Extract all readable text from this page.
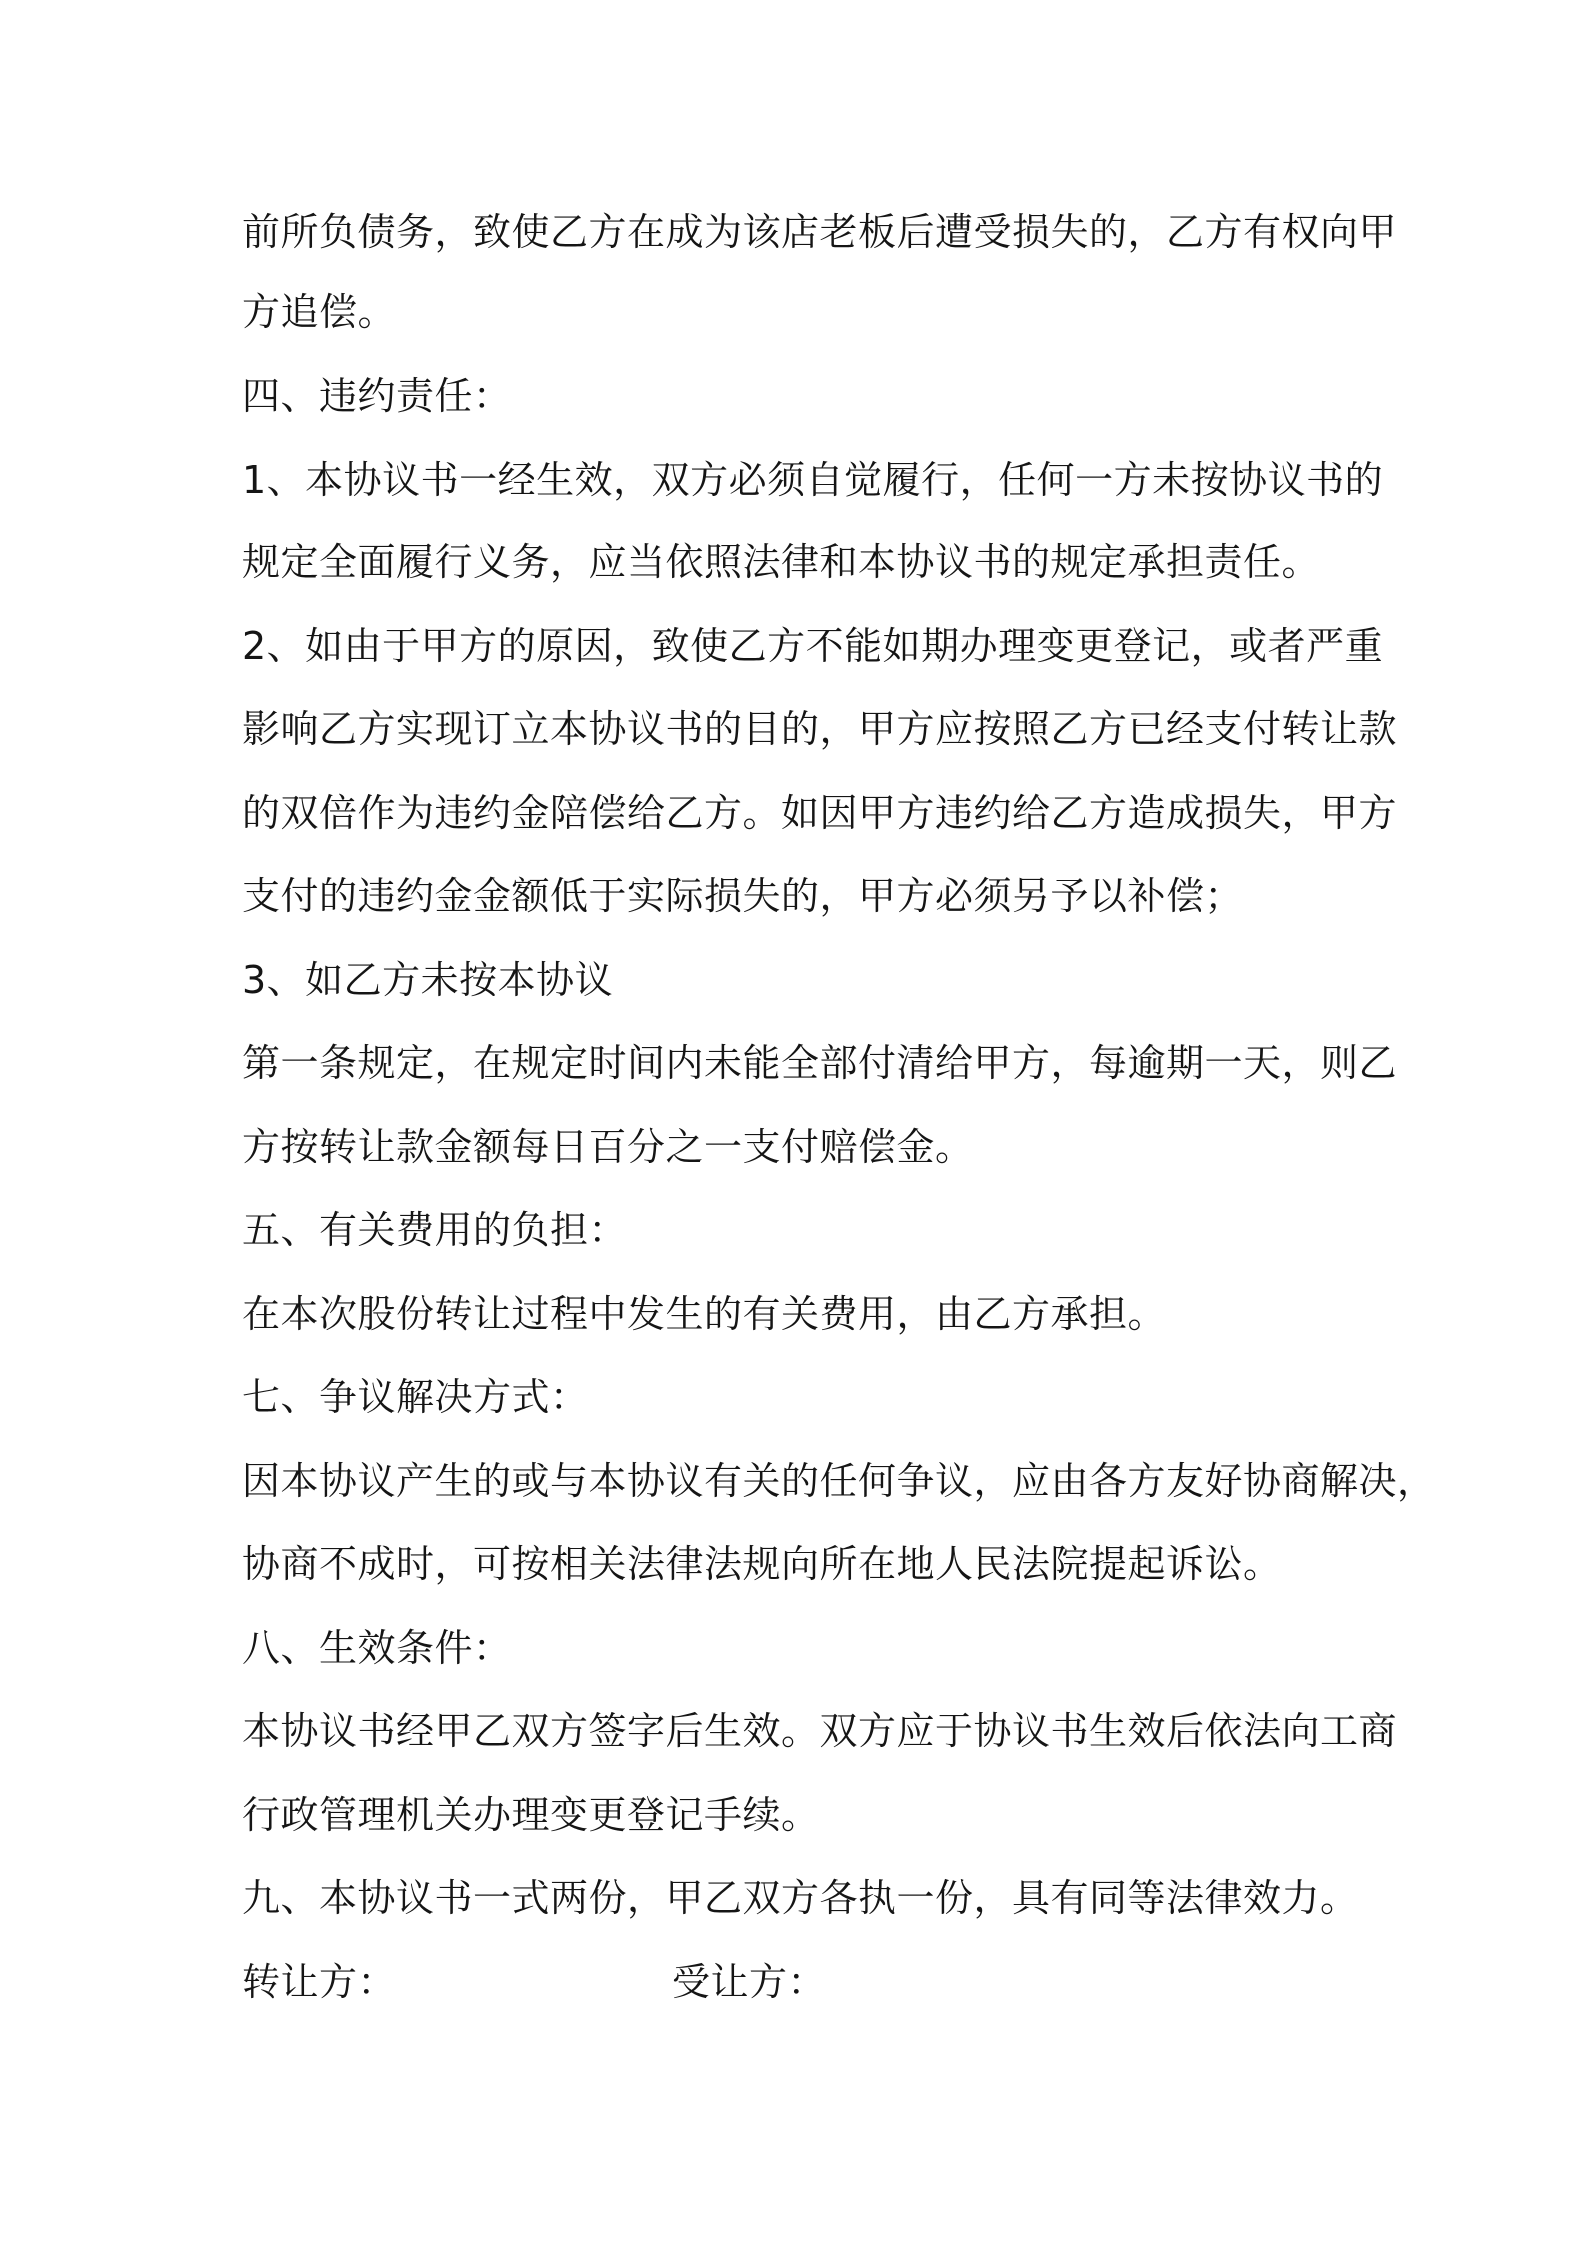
前所负债务，致使乙方在成为该店老板后遭受损失的，乙方有权向甲
方追偿。
四、违约责任：
1、本协议书一经生效，双方必须自觉履行，任何一方未按协议书的
规定全面履行义务，应当依照法律和本协议书的规定承担责任。
2、如由于甲方的原因，致使乙方不能如期办理变更登记，或者严重
影响乙方实现订立本协议书的目的，甲方应按照乙方已经支付转让款
的双倍作为违约金陪偿给乙方。如因甲方违约给乙方造成损失，甲方
支付的违约金金额低于实际损失的，甲方必须另予以补偿；
3、如乙方未按本协议
第一条规定，在规定时间内未能全部付清给甲方，每逾期一天，则乙
方按转让款金额每日百分之一支付赔偿金。
五、有关费用的负担：
在本次股份转让过程中发生的有关费用，由乙方承担。
七、争议解决方式：
因本协议产生的或与本协议有关的任何争议，应由各方友好协商解决，
协商不成时，可按相关法律法规向所在地人民法院提起诉讼。
八、生效条件：
本协议书经甲乙双方签字后生效。双方应于协议书生效后依法向工商
行政管理机关办理变更登记手续。
九、本协议书一式两份，甲乙双方各执一份，具有同等法律效力。
转让方：	受让方：
